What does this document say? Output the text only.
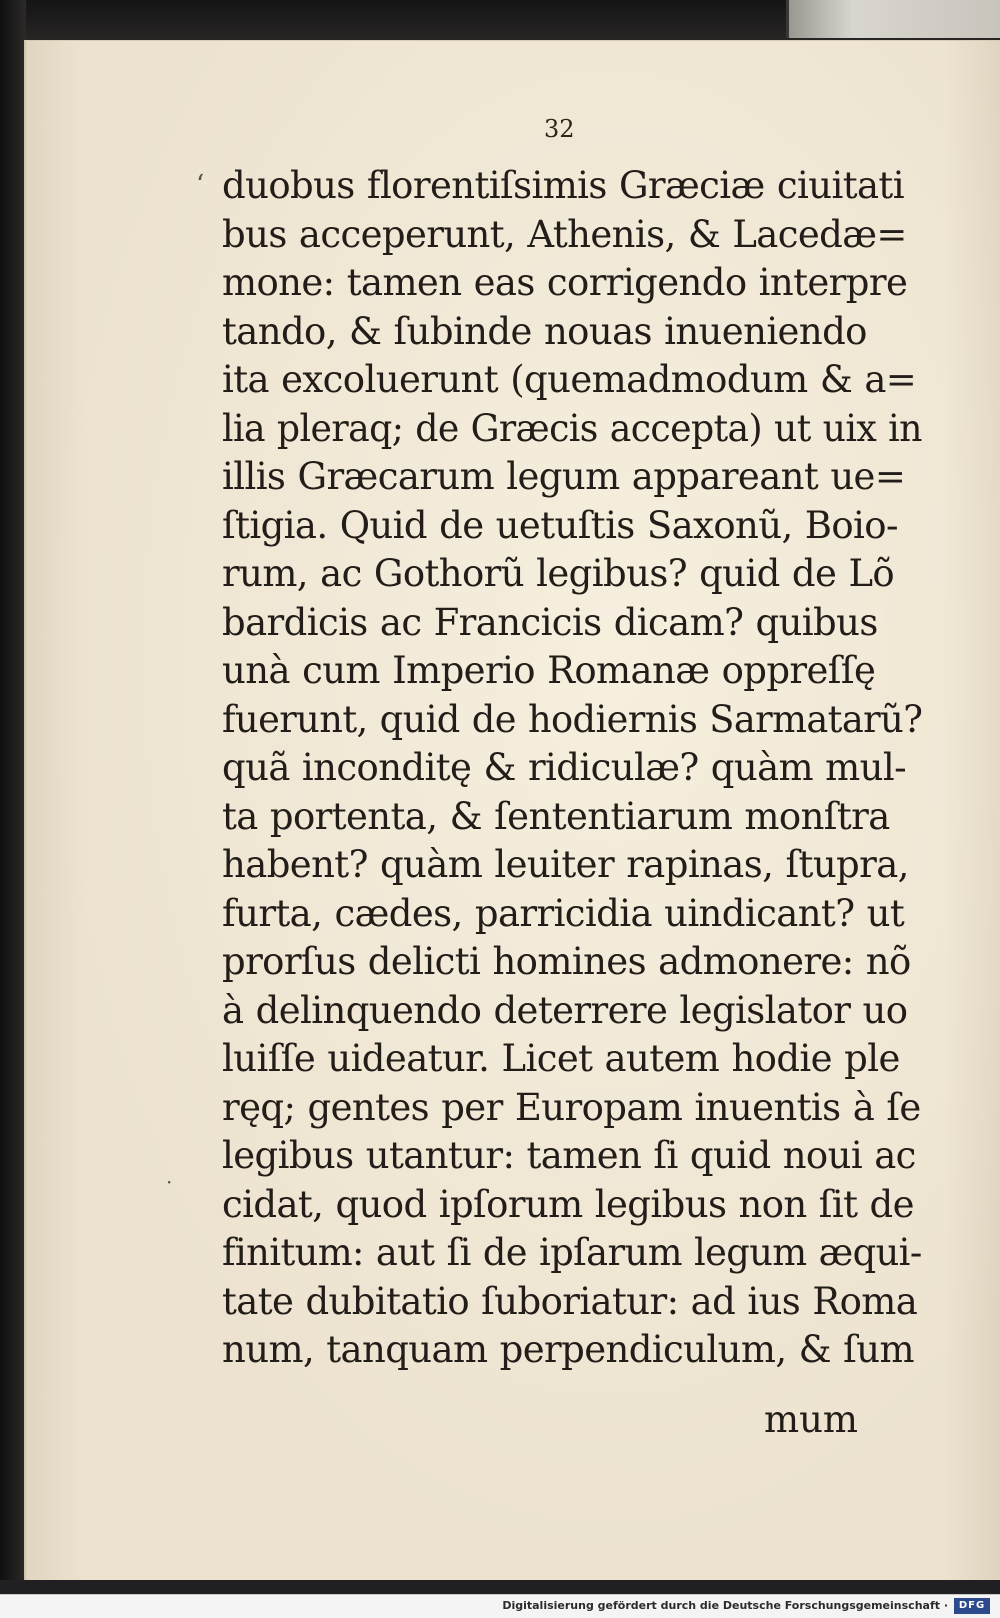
32
‘
·
duobus florentiſsimis Græciæ ciuitati
bus acceperunt, Athenis, & Lacedæ=
mone: tamen eas corrigendo interpre
tando, & ſubinde nouas inueniendo
ita excoluerunt (quemadmodum & a=
lia pleraq; de Græcis accepta) ut uix in
illis Græcarum legum appareant ue=
ſtigia. Quid de uetuſtis Saxonũ, Boio-
rum, ac Gothorũ legibus? quid de Lõ
bardicis ac Francicis dicam? quibus
unà cum Imperio Romanæ oppreſſę
fuerunt, quid de hodiernis Sarmatarũ?
quã inconditę & ridiculæ? quàm mul-
ta portenta, & ſententiarum monſtra
habent? quàm leuiter rapinas, ſtupra,
furta, cædes, parricidia uindicant? ut
prorſus delicti homines admonere: nõ
à delinquendo deterrere legislator uo
luiſſe uideatur. Licet autem hodie ple
ręq; gentes per Europam inuentis à ſe
legibus utantur: tamen ſi quid noui ac
cidat, quod ipſorum legibus non ſit de
finitum: aut ſi de ipſarum legum æqui-
tate dubitatio ſuboriatur: ad ius Roma
num, tanquam perpendiculum, & ſum
mum
Digitalisierung gefördert durch die Deutsche Forschungsgemeinschaft ·	DFG
